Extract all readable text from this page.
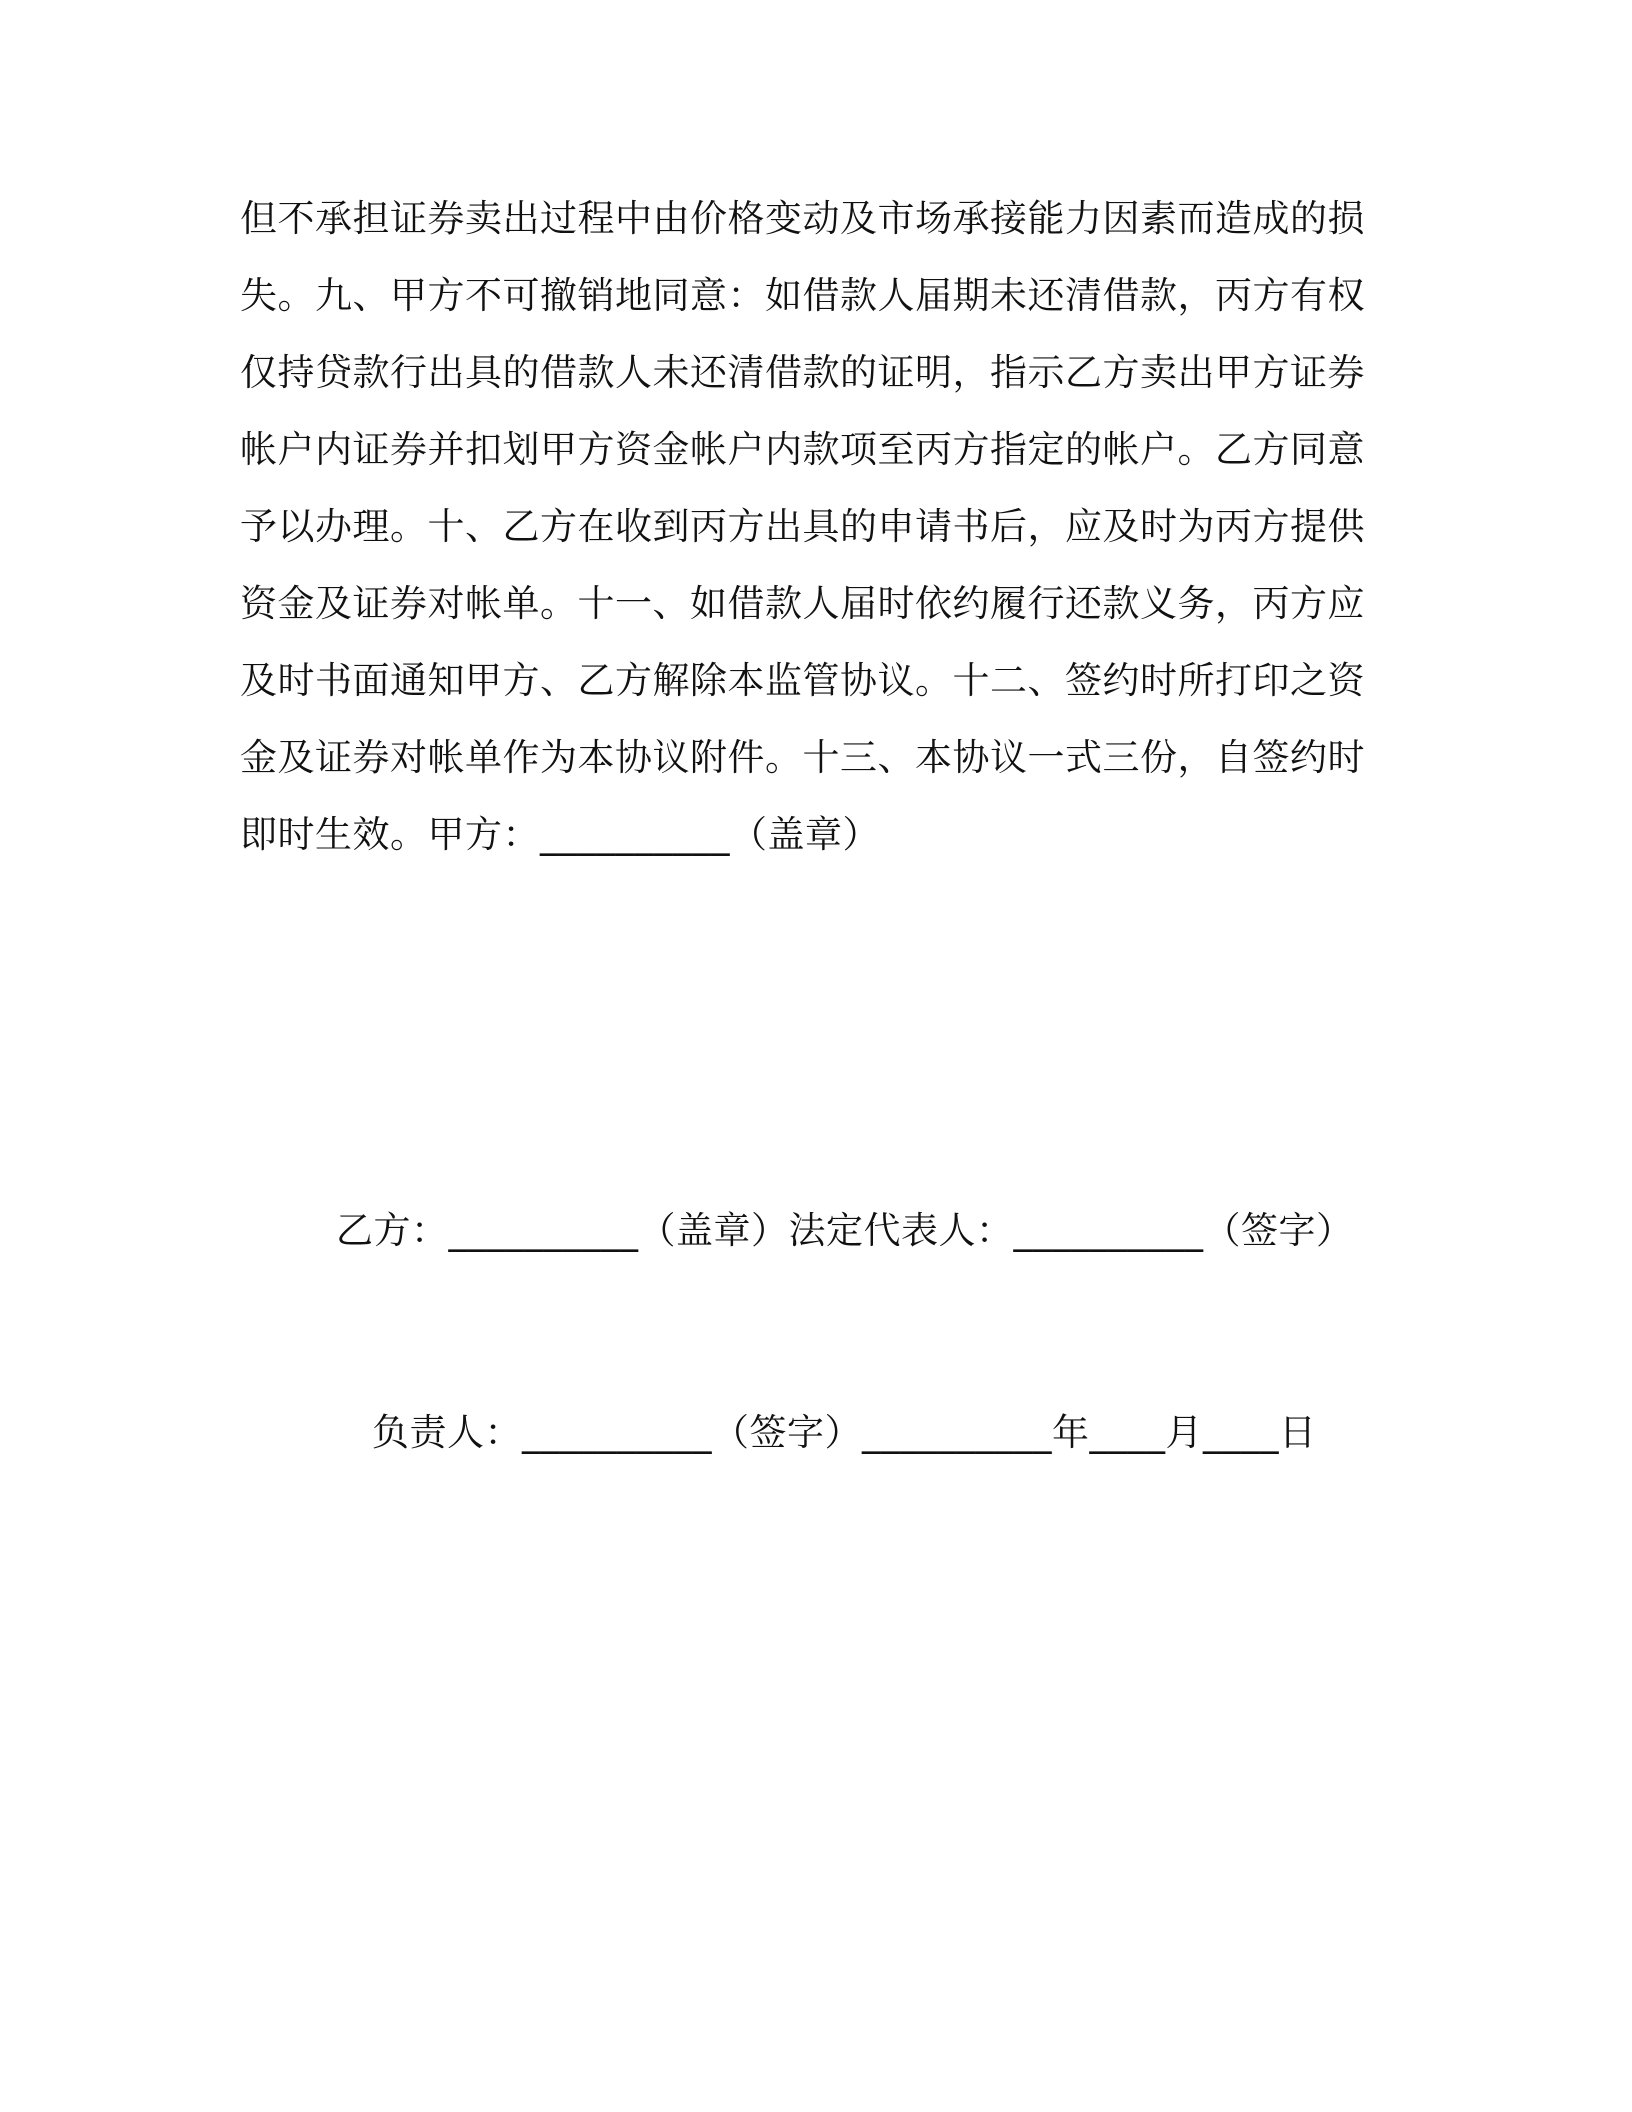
但不承担证券卖出过程中由价格变动及市场承接能力因素而造成的损
失。九、甲方不可撤销地同意：如借款人届期未还清借款，丙方有权
仅持贷款行出具的借款人未还清借款的证明，指示乙方卖出甲方证券
帐户内证券并扣划甲方资金帐户内款项至丙方指定的帐户。乙方同意
予以办理。十、乙方在收到丙方出具的申请书后，应及时为丙方提供
资金及证券对帐单。十一、如借款人届时依约履行还款义务，丙方应
及时书面通知甲方、乙方解除本监管协议。十二、签约时所打印之资
金及证券对帐单作为本协议附件。十三、本协议一式三份，自签约时
即时生效。甲方：__________（盖章）
乙方：__________（盖章）法定代表人：__________（签字）
负责人：__________（签字）__________年____月____日
